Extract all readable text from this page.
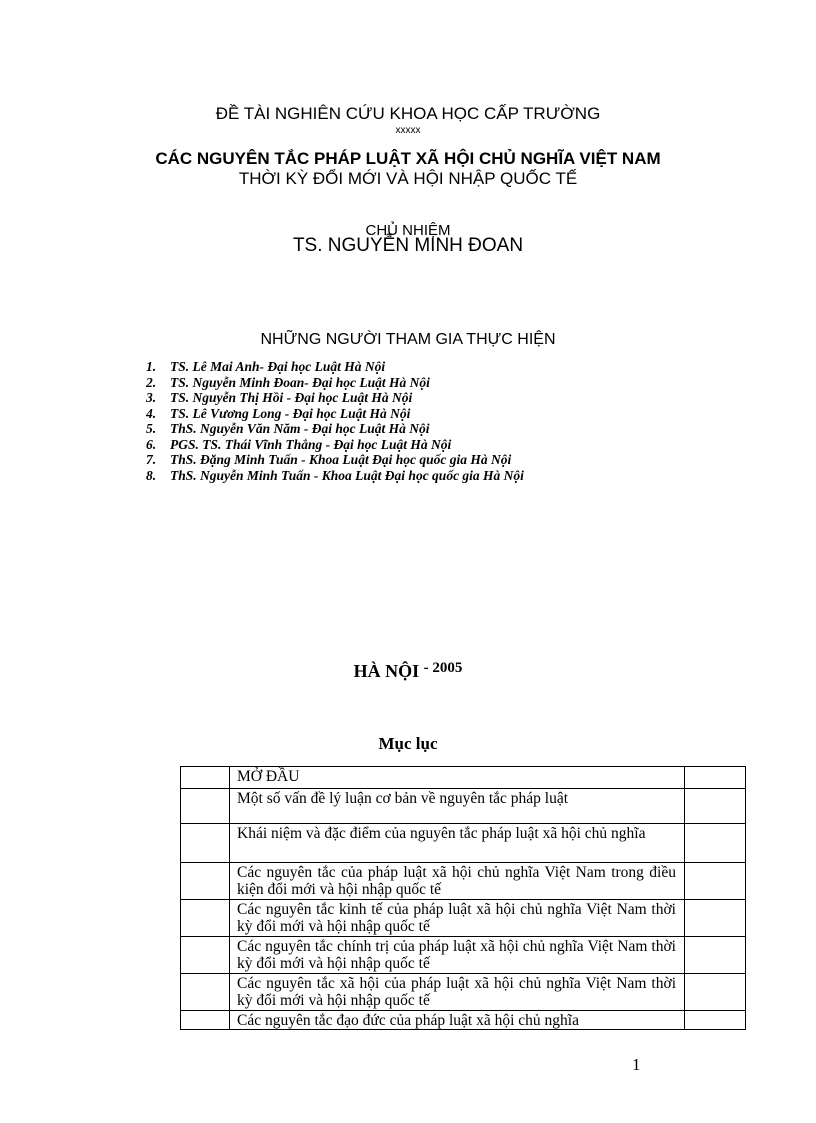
ĐỀ TÀI NGHIÊN CỨU KHOA HỌC CẤP TRƯỜNG
xxxxx
CÁC NGUYÊN TẮC PHÁP LUẬT XÃ HỘI CHỦ NGHĨA VIỆT NAM
THỜI KỲ ĐỔI MỚI VÀ HỘI NHẬP QUỐC TẾ
CHỦ NHIỆM
TS. NGUYỄN MINH ĐOAN
NHỮNG NGƯỜI THAM GIA THỰC HIỆN
1. TS. Lê Mai Anh- Đại học Luật Hà Nội
2. TS. Nguyễn Minh Đoan- Đại học Luật Hà Nội
3. TS. Nguyễn Thị Hồi - Đại học Luật Hà Nội
4. TS. Lê Vương Long - Đại học Luật Hà Nội
5. ThS. Nguyễn Văn Năm - Đại học Luật Hà Nội
6. PGS. TS. Thái Vĩnh Thắng - Đại học Luật Hà Nội
7. ThS. Đặng Minh Tuấn - Khoa Luật Đại học quốc gia Hà Nội
8. ThS. Nguyễn Minh Tuấn - Khoa Luật Đại học quốc gia Hà Nội
HÀ NỘI $^{- 2005}$
Mục lục
	MỞ ĐẦU	
	Một số vấn đề lý luận cơ bản về nguyên tắc pháp luật	
	Khái niệm và đặc điểm của nguyên tắc pháp luật xã hội chủ nghĩa	
	Các nguyên tắc của pháp luật xã hội chủ nghĩa Việt Nam trong điều kiện đổi mới và hội nhập quốc tế	
	Các nguyên tắc kinh tế của pháp luật xã hội chủ nghĩa Việt Nam thời kỳ đổi mới và hội nhập quốc tế	
	Các nguyên tắc chính trị của pháp luật xã hội chủ nghĩa Việt Nam thời kỳ đổi mới và hội nhập quốc tế	
	Các nguyên tắc xã hội của pháp luật xã hội chủ nghĩa Việt Nam thời kỳ đổi mới và hội nhập quốc tế	
	Các nguyên tắc đạo đức của pháp luật xã hội chủ nghĩa	
1
